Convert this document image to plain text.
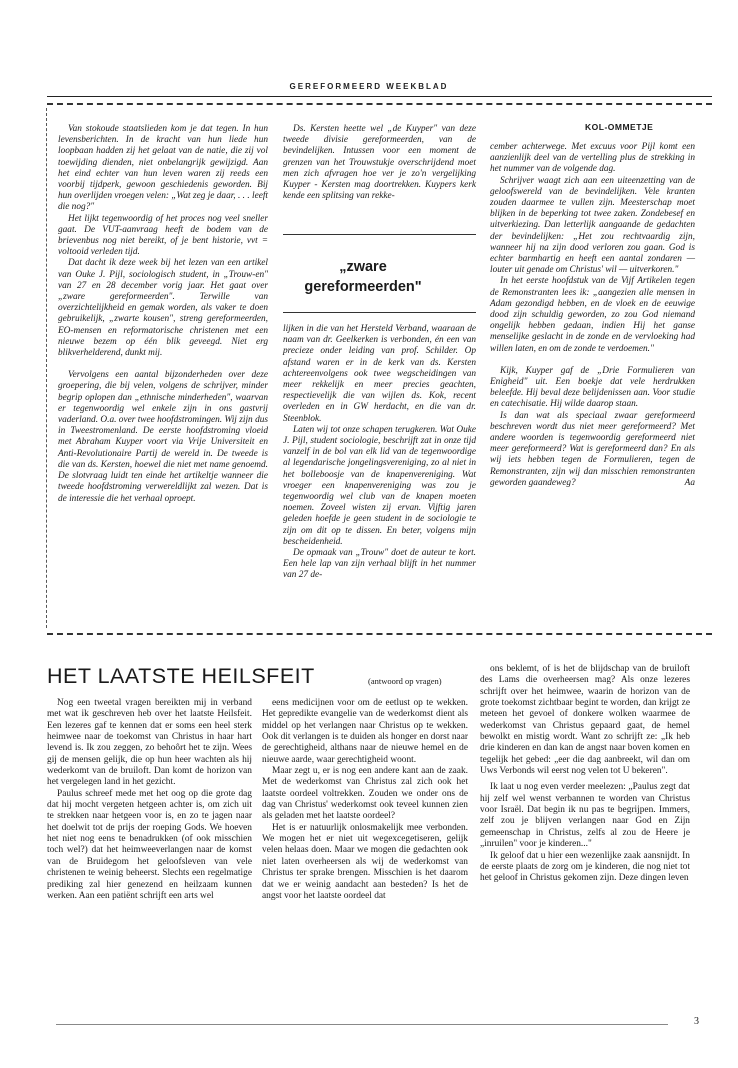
GEREFORMEERD WEEKBLAD
KOL-OMMETJE

Van stokoude staatslieden kom je dat tegen. In hun levensberichten. In de kracht van hun liede hun loopbaan hadden zij het gelaat van de natie, die zij vol toewijding dienden, niet onbelangrijk gewijzigd. Aan het eind echter van hun leven waren zij reeds een voorbij tijdperk, gewoon geschiedenis geworden. Bij hun overlijden vroegen velen: „Wat zeg je daar, . . . leeft die nog?"

Het lijkt tegenwoordig of het proces nog veel sneller gaat. De VUT-aanvraag heeft de bodem van de brievenbus nog niet bereikt, of je bent historie, vvt = voltooid verleden tijd.

Dat dacht ik deze week bij het lezen van een artikel van Ouke J. Pijl, sociologisch student, in „Trouw-en" van 27 en 28 december vorig jaar. Het gaat over „zware gereformeerden". Terwille van overzichtelijkheid en gemak worden, als vaker te doen gebruikelijk, „zwarte kousen", streng gereformeerden, EO-mensen en reformatorische christenen met een nieuwe bezem op één blik geveegd. Niet erg blikverhelderend, dunkt mij.

Vervolgens een aantal bijzonderheden over deze groepering, die bij velen, volgens de schrijver, minder begrip oplopen dan „ethnische minderheden", waarvan er tegenwoordig wel enkele zijn in ons gastvrij vaderland. O.a. over twee hoofdstromingen. Wij zijn dus in Tweestromenland. De eerste hoofdstroming vloeid met Abraham Kuyper voort via Vrije Universiteit en Anti-Revolutionaire Partij de wereld in. De tweede is die van ds. Kersten, hoewel die niet met name genoemd. De slotvraag luidt ten einde het artikeltje wanneer die tweede hoofdstroming verwereldlijkt zal wezen. Dat is de interessie die het verhaal oproept.

Ds. Kersten heette wel „de Kuyper" van deze tweede divisie gereformeerden, van de bevindelijken. Intussen voor een moment de grenzen van het Trouwstukje overschrijdend moet men zich afvragen hoe ver je zo'n vergelijking Kuyper - Kersten mag doortrekken. Kuypers kerk kende een splitsing van rekke-

„zware gereformeerden"

lijken in die van het Hersteld Verband, waaraan de naam van dr. Geelkerken is verbonden, én een van precieze onder leiding van prof. Schilder. Op afstand waren er in de kerk van ds. Kersten achtereenvolgens ook twee wegscheidingen van meer rekkelijk en meer precies geachten, respectievelijk die van wijlen ds. Kok, recent overleden en in GW herdacht, en die van dr. Steenblok.

Laten wij tot onze schapen terugkeren. Wat Ouke J. Pijl, student sociologie, beschrijft zat in onze tijd vanzelf in de bol van elk lid van de tegenwoordige al legendarische jongelingsvereniging, zo al niet in het bolleboosje van de knapenvereniging. Wat vroeger een knapenvereniging was zou je tegenwoordig wel club van de knapen moeten noemen. Zoveel wisten zij ervan. Vijftig jaren geleden hoefde je geen student in de sociologie te zijn om dit op te dissen. En beter, volgens mijn bescheidenheid.

De opmaak van „Trouw" doet de auteur te kort. Een hele lap van zijn verhaal blijft in het nummer van 27 de-

cember achterwege. Met excuus voor Pijl komt een aanzienlijk deel van de vertelling plus de strekking in het nummer van de volgende dag.

Schrijver waagt zich aan een uiteenzetting van de geloofswereld van de bevindelijken. Vele kranten zouden daarmee te vullen zijn. Meesterschap moet blijken in de beperking tot twee zaken. Zondebesef en uitverkiezing. Dan letterlijk aangaande de gedachten der bevindelijken: „Het zou rechtvaardig zijn, wanneer hij na zijn dood verloren zou gaan. God is echter barmhartig en heeft een aantal zondaren — louter uit genade om Christus' wil — uitverkoren."

In het eerste hoofdstuk van de Vijf Artikelen tegen de Remonstranten lees ik: „aangezien alle mensen in Adam gezondigd hebben, en de vloek en de eeuwige dood zijn schuldig geworden, zo zou God niemand ongelijk hebben gedaan, indien Hij het ganse menselijke geslacht in de zonde en de vervloeking had willen laten, en om de zonde te verdoemen."

Kijk, Kuyper gaf de „Drie Formulieren van Enigheid" uit. Een boekje dat vele herdrukken beleefde. Hij beval deze belijdenissen aan. Voor studie en catechisatie. Hij wilde daarop staan.

Is dan wat als speciaal zwaar gereformeerd beschreven wordt dus niet meer gereformeerd? Met andere woorden is tegenwoordig gereformeerd niet meer gereformeerd? Wat is gereformeerd dan? En als wij iets hebben tegen de Formulieren, tegen de Remonstranten, zijn wij dan misschien remonstranten geworden gaandeweg?	Aa

HET LAATSTE HEILSFEIT	(antwoord op vragen)

Nog een tweetal vragen bereikten mij in verband met wat ik geschreven heb over het laatste Heilsfeit. Een lezeres gaf te kennen dat er soms een heel sterk heimwee naar de toekomst van Christus in haar hart levend is. Ik zou zeggen, zo behoôrt het te zijn. Wees gij de mensen gelijk, die op hun heer wachten als hij wederkomt van de bruiloft. Dan komt de horizon van het vergelegen land in het gezicht.

Paulus schreef mede met het oog op die grote dag dat hij mocht vergeten hetgeen achter is, om zich uit te strekken naar hetgeen voor is, en zo te jagen naar het doelwit tot de prijs der roeping Gods. We hoeven het niet nog eens te benadrukken (of ook misschien toch wel?) dat het heimweeverlangen naar de komst van de Bruidegom het geloofsleven van vele christenen te weinig beheerst. Slechts een regelmatige prediking zal hier genezend en heilzaam kunnen werken. Aan een patiënt schrijft een arts wel

eens medicijnen voor om de eetlust op te wekken. Het gepredikte evangelie van de wederkomst dient als middel op het verlangen naar Christus op te wekken. Ook dit verlangen is te duiden als honger en dorst naar de gerechtigheid, althans naar de nieuwe hemel en de nieuwe aarde, waar gerechtigheid woont.

Maar zegt u, er is nog een andere kant aan de zaak. Met de wederkomst van Christus zal zich ook het laatste oordeel voltrekken. Zouden we onder ons de dag van Christus' wederkomst ook teveel kunnen zien als geladen met het laatste oordeel?

Het is er natuurlijk onlosmakelijk mee verbonden. We mogen het er niet uit wegexcegetiseren, gelijk velen helaas doen. Maar we mogen die gedachten ook niet laten overheersen als wij de wederkomst van Christus ter sprake brengen. Misschien is het daarom dat we er weinig aandacht aan besteden? Is het de angst voor het laatste oordeel dat

ons beklemt, of is het de blijdschap van de bruiloft des Lams die overheersen mag? Als onze lezeres schrijft over het heimwee, waarin de horizon van de grote toekomst zichtbaar begint te worden, dan krijgt ze meteen het gevoel of donkere wolken waarmee de wederkomst van Christus gepaard gaat, de hemel bewolkt en mistig wordt. Want zo schrijft ze: „Ik heb drie kinderen en dan kan de angst naar boven komen en tegelijk het gebed: „eer die dag aanbreekt, wil dan om Uws Verbonds wil eerst nog velen tot U bekeren".

Ik laat u nog even verder meelezen: „Paulus zegt dat hij zelf wel wenst verbannen te worden van Christus voor Israël. Dat begin ik nu pas te begrijpen. Immers, zelf zou je blijven verlangen naar God en Zijn gemeenschap in Christus, zelfs al zou de Heere je „inruilen" voor je kinderen..."

Ik geloof dat u hier een wezenlijke zaak aansnijdt. In de eerste plaats de zorg om je kinderen, die nog niet tot het geloof in Christus gekomen zijn. Deze dingen leven

3
